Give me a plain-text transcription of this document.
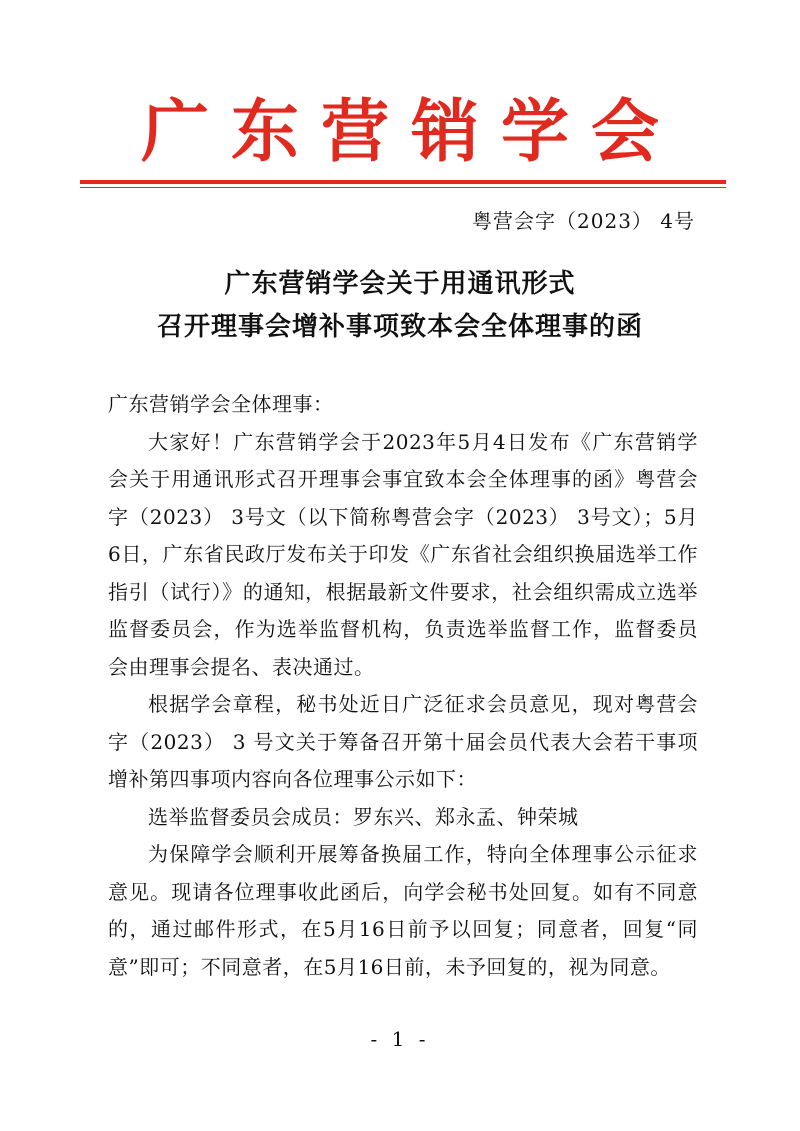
广东营销学会
粤营会字（2023） 4号
广东营销学会关于用通讯形式
召开理事会增补事项致本会全体理事的函

广东营销学会全体理事：

大家好！广东营销学会于2023年5月4日发布《广东营销学会关于用通讯形式召开理事会事宜致本会全体理事的函》粤营会字（2023） 3号文（以下简称粤营会字（2023） 3号文）；5月6日，广东省民政厅发布关于印发《广东省社会组织换届选举工作指引（试行）》的通知，根据最新文件要求，社会组织需成立选举监督委员会，作为选举监督机构，负责选举监督工作，监督委员会由理事会提名、表决通过。

根据学会章程，秘书处近日广泛征求会员意见，现对粤营会字（2023） 3 号文关于筹备召开第十届会员代表大会若干事项增补第四事项内容向各位理事公示如下：

选举监督委员会成员：罗东兴、郑永孟、钟荣城

为保障学会顺利开展筹备换届工作，特向全体理事公示征求意见。现请各位理事收此函后，向学会秘书处回复。如有不同意的，通过邮件形式，在5月16日前予以回复；同意者，回复“同意”即可；不同意者，在5月16日前，未予回复的，视为同意。

- 1 -
